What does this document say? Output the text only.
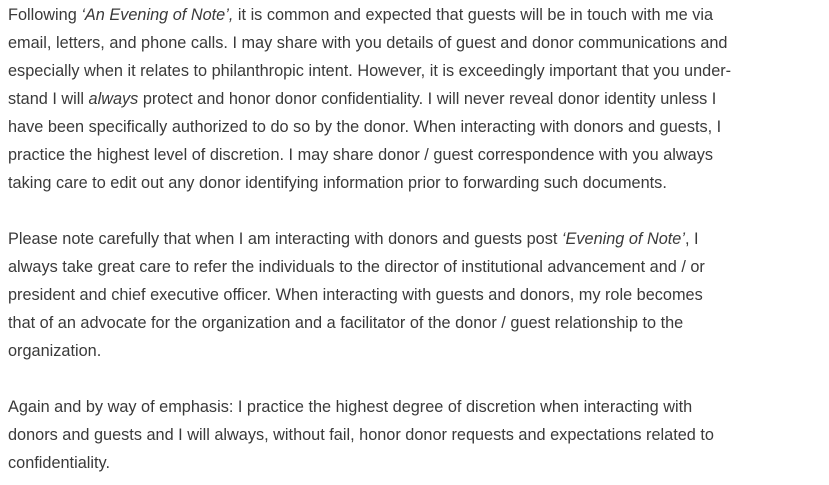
Following ‘An Evening of Note’, it is common and expected that guests will be in touch with me via
email, letters, and phone calls. I may share with you details of guest and donor communications and
especially when it relates to philanthropic intent. However, it is exceedingly important that you under-
stand I will always protect and honor donor confidentiality. I will never reveal donor identity unless I
have been specifically authorized to do so by the donor. When interacting with donors and guests, I
practice the highest level of discretion. I may share donor / guest correspondence with you always
taking care to edit out any donor identifying information prior to forwarding such documents.

Please note carefully that when I am interacting with donors and guests post ‘Evening of Note’, I
always take great care to refer the individuals to the director of institutional advancement and / or
president and chief executive officer. When interacting with guests and donors, my role becomes
that of an advocate for the organization and a facilitator of the donor / guest relationship to the
organization.

Again and by way of emphasis: I practice the highest degree of discretion when interacting with
donors and guests and I will always, without fail, honor donor requests and expectations related to
confidentiality.
